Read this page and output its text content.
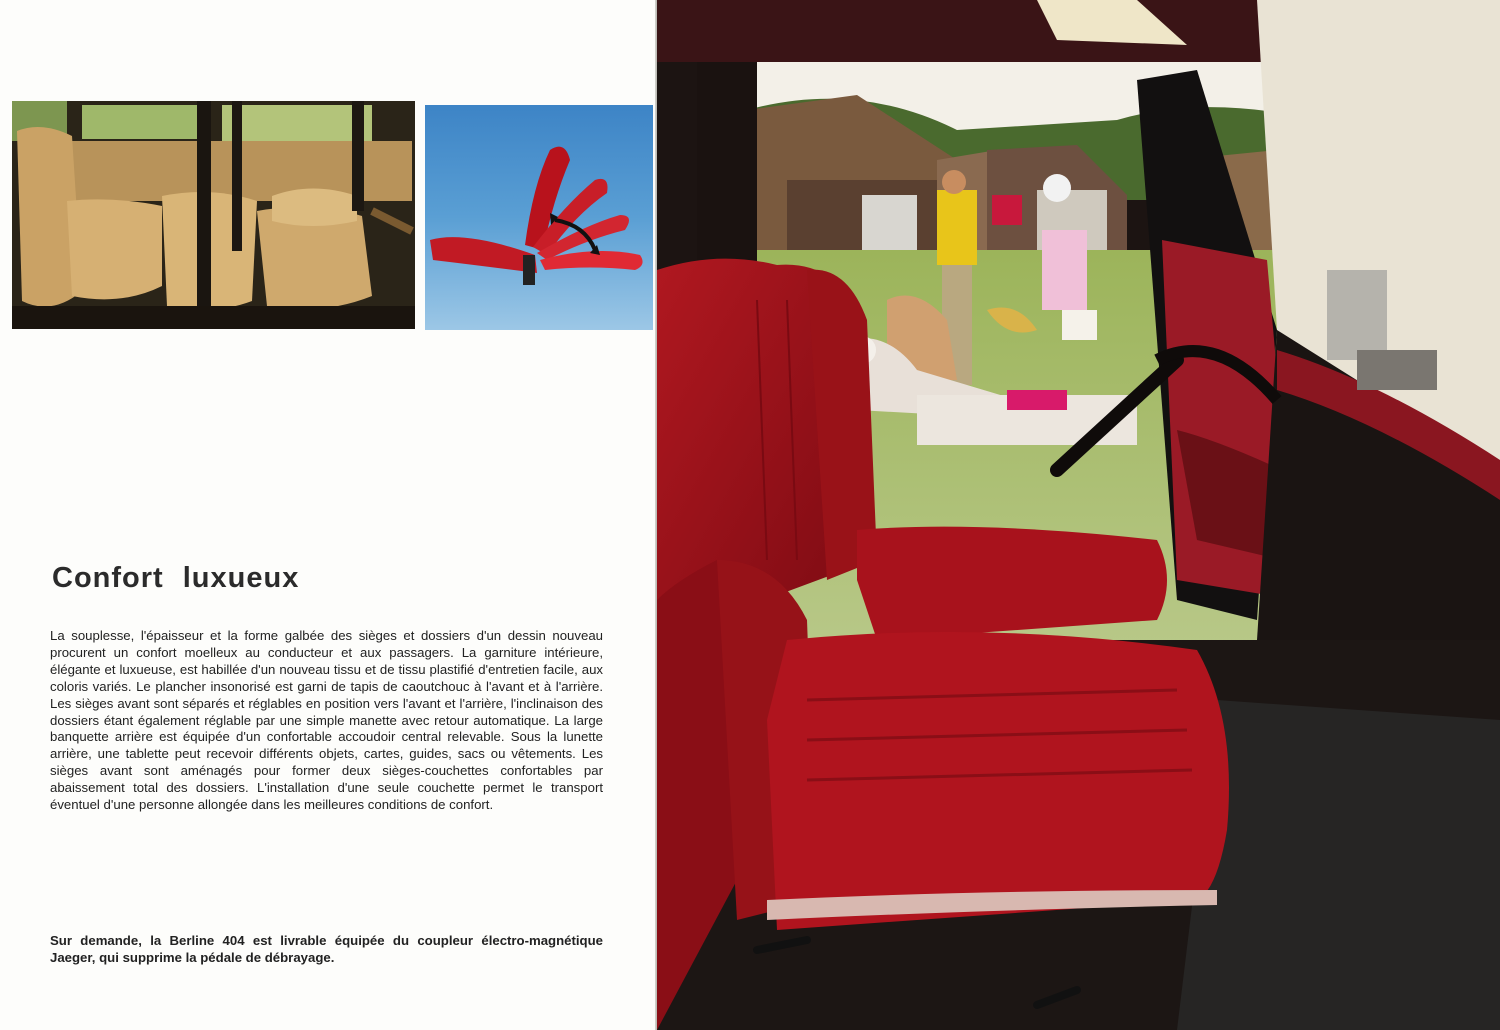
Confort luxueux

La souplesse, l'épaisseur et la forme galbée des sièges et dossiers d'un dessin nouveau procurent un confort moelleux au conducteur et aux passagers. La garniture intérieure, élégante et luxueuse, est habillée d'un nouveau tissu et de tissu plastifié d'entretien facile, aux coloris variés. Le plancher insonorisé est garni de tapis de caoutchouc à l'avant et à l'arrière. Les sièges avant sont séparés et réglables en position vers l'avant et l'arrière, l'inclinaison des dossiers étant également réglable par une simple manette avec retour automatique. La large banquette arrière est équipée d'un confortable accoudoir central relevable. Sous la lunette arrière, une tablette peut recevoir différents objets, cartes, guides, sacs ou vêtements. Les sièges avant sont aménagés pour former deux sièges-couchettes confortables par abaissement total des dossiers. L'installation d'une seule couchette permet le transport éventuel d'une personne allongée dans les meilleures conditions de confort.

Sur demande, la Berline 404 est livrable équipée du coupleur électro-magnétique Jaeger, qui supprime la pédale de débrayage.
